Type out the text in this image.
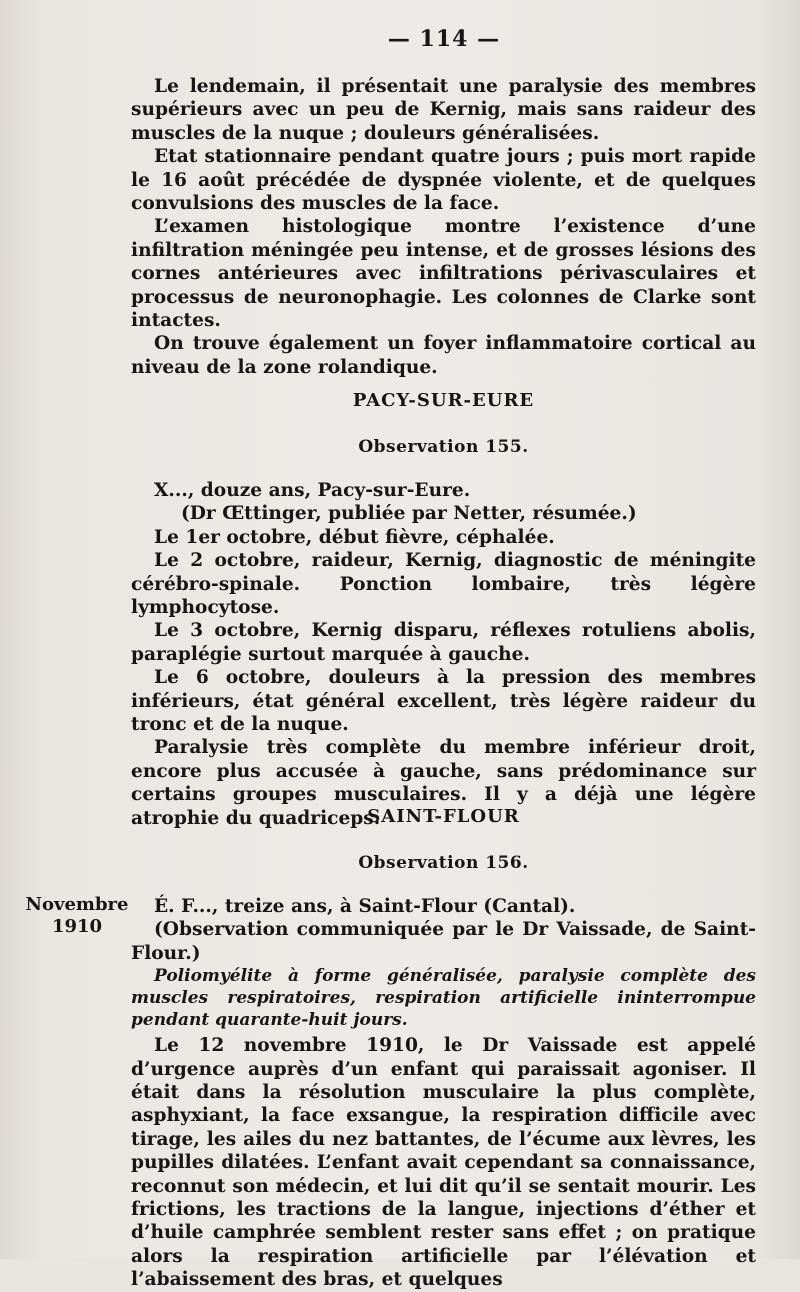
— 114 —

Le lendemain, il présentait une paralysie des membres supérieurs avec un peu de Kernig, mais sans raideur des muscles de la nuque ; douleurs généralisées.

Etat stationnaire pendant quatre jours ; puis mort rapide le 16 août précédée de dyspnée violente, et de quelques convulsions des muscles de la face.

L’examen histologique montre l’existence d’une infiltration méningée peu intense, et de grosses lésions des cornes antérieures avec infiltrations périvasculaires et processus de neuronophagie. Les colonnes de Clarke sont intactes.

On trouve également un foyer inflammatoire cortical au niveau de la zone rolandique.

PACY-SUR-EURE
Observation 155.

X..., douze ans, Pacy-sur-Eure.

(Dr Œttinger, publiée par Netter, résumée.)

Le 1er octobre, début fièvre, céphalée.

Le 2 octobre, raideur, Kernig, diagnostic de méningite cérébro-spinale. Ponction lombaire, très légère lymphocytose.

Le 3 octobre, Kernig disparu, réflexes rotuliens abolis, paraplégie surtout marquée à gauche.

Le 6 octobre, douleurs à la pression des membres inférieurs, état général excellent, très légère raideur du tronc et de la nuque.

Paralysie très complète du membre inférieur droit, encore plus accusée à gauche, sans prédominance sur certains groupes musculaires. Il y a déjà une légère atrophie du quadriceps.

SAINT-FLOUR
Observation 156.
Novembre
1910

É. F..., treize ans, à Saint-Flour (Cantal).

(Observation communiquée par le Dr Vaissade, de Saint-Flour.)

Poliomyélite à forme généralisée, paralysie complète des muscles respiratoires, respiration artificielle ininterrompue pendant quarante-huit jours.

Le 12 novembre 1910, le Dr Vaissade est appelé d’urgence auprès d’un enfant qui paraissait agoniser. Il était dans la résolution musculaire la plus complète, asphyxiant, la face exsangue, la respiration difficile avec tirage, les ailes du nez battantes, de l’écume aux lèvres, les pupilles dilatées. L’enfant avait cependant sa connaissance, reconnut son médecin, et lui dit qu’il se sentait mourir. Les frictions, les tractions de la langue, injections d’éther et d’huile camphrée semblent rester sans effet ; on pratique alors la respiration artificielle par l’élévation et l’abaissement des bras, et quelques
